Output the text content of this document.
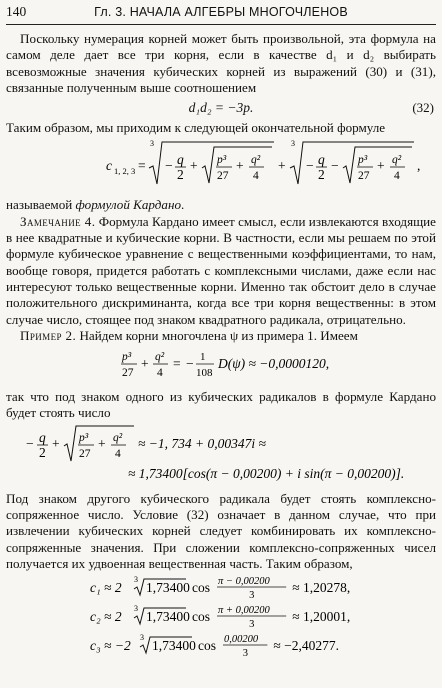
140	Гл. 3. НАЧАЛА АЛГЕБРЫ МНОГОЧЛЕНОВ

Поскольку нумерация корней может быть произвольной, эта формула на самом деле дает все три корня, если в качестве d₁ и d₂ выбирать всевозможные значения кубических корней из выражений (30) и (31), связанные полученным выше соотношением

d₁d₂ = −3p.	(32)

Таким образом, мы приходим к следующей окончательной формуле

c 1, 2, 3 =
3
− q
2
+ p³
27
+ q²
4
+
3
− q
2
− p³
27
+ q²
4
,

называемой формулой Кардано.

Замечание 4. Формула Кардано имеет смысл, если извлекаются входящие в нее квадратные и кубические корни. В частности, если мы решаем по этой формуле кубическое уравнение с вещественными коэффициентами, то нам, вообще говоря, придется работать с комплексными числами, даже если нас интересуют только вещественные корни. Именно так обстоит дело в случае положительного дискриминанта, когда все три корня вещественны: в этом случае число, стоящее под знаком квадратного радикала, отрицательно.

Пример 2. Найдем корни многочлена ψ из примера 1. Имеем

p³
27
+ q²
4
= − 1
108
D(ψ) ≈ −0,0000120,

так что под знаком одного из кубических радикалов в формуле Кардано будет стоять число

− q
2
+ p³
27
+ q²
4
≈ −1, 734 + 0,00347i ≈
≈ 1,73400[cos(π − 0,00200) + i sin(π − 0,00200)].

Под знаком другого кубического радикала будет стоять комплексно-сопряженное число. Условие (32) означает в данном случае, что при извлечении кубических корней следует комбинировать их комплексно-сопряженные значения. При сложении комплексно-сопряженных чисел получается их удвоенная вещественная часть. Таким образом,

c₁ ≈ 2
3
1,73400 cos π − 0,00200
3
≈ 1,20278,
c₂ ≈ 2
3
1,73400 cos π + 0,00200
3
≈ 1,20001,
c₃ ≈ −2
3
1,73400 cos 0,00200
3
≈ −2,40277.
